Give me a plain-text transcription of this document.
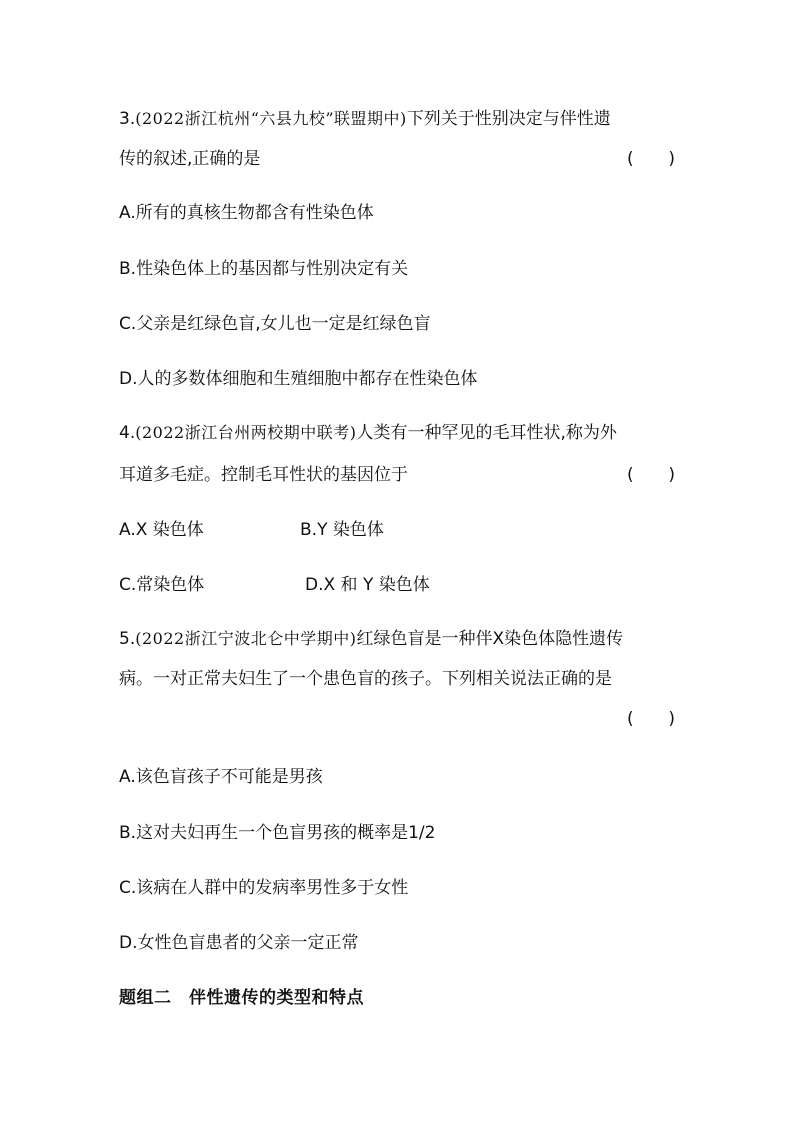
3.(2022浙江杭州“六县九校”联盟期中)下列关于性别决定与伴性遗
传的叙述,正确的是	( )
A.所有的真核生物都含有性染色体
B.性染色体上的基因都与性别决定有关
C.父亲是红绿色盲,女儿也一定是红绿色盲
D.人的多数体细胞和生殖细胞中都存在性染色体
4.(2022浙江台州两校期中联考)人类有一种罕见的毛耳性状,称为外
耳道多毛症。控制毛耳性状的基因位于	( )
A.X 染色体	B.Y 染色体
C.常染色体	D.X 和 Y 染色体
5.(2022浙江宁波北仑中学期中)红绿色盲是一种伴X染色体隐性遗传
病。一对正常夫妇生了一个患色盲的孩子。下列相关说法正确的是
( )
A.该色盲孩子不可能是男孩
B.这对夫妇再生一个色盲男孩的概率是1/2
C.该病在人群中的发病率男性多于女性
D.女性色盲患者的父亲一定正常
题组二　伴性遗传的类型和特点
